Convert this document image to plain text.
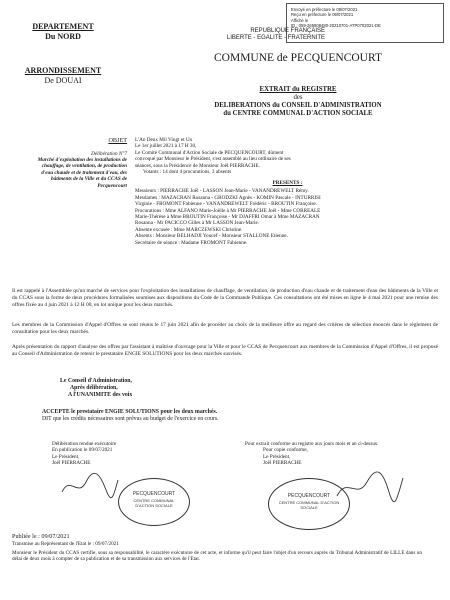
Envoyé en préfecture le 09/07/2021
Reçu en préfecture le 09/07/2021
Affiché le
ID : 059-265908480-20210701-ATP0702021-DE
DEPARTEMENT
Du NORD
ARRONDISSEMENT
De DOUAI
REPUBLIQUE FRANÇAISE
LIBERTE - EGALITE - FRATERNITE
COMMUNE de PECQUENCOURT
EXTRAIT du REGISTRE
des
DELIBERATIONS du CONSEIL D'ADMINISTRATION
du CENTRE COMMUNAL D'ACTION SOCIALE
OBJET
Délibération N°7
Marché d'exploitation des installations de chauffage, de ventilation, de production d'eau chaude et de traitement d'eau, des bâtiments de la Ville et du CCAS de Pecquencourt
L'An Deux Mil Vingt et Un
Le 1er juillet 2021 à 17 H 30,
Le Comité Communal d'Action Sociale de PECQUENCOURT, dûment
convoqué par Monsieur le Président, s'est assemblé au lieu ordinaire de ses
séances, sous la Présidence de Monsieur Joël PIERRACHE.
Votants : 14 dont 4 procurations, 3 absents
PRESENTS :
Messieurs : PIERRACHE Joël - LASSON Jean-Marie - VANANDREWELT Rémy.
Mesdames : MAZACRAN Rosanna - GRODZKI Agnès - KOMIN Pascale - INTURRISI
Virginie - FROMONT Fabienne - VANANDREWELT Frédéric - BROUTIN Françoise.
Procurations : Mme ALFANO Marie-Joëlle à Mr PIERRACHE Joël - Mme CORREALE
Marie-Thérèse à Mme BROUTIN Françoise - Mr DJAFFRI Omar à Mme MAZACRAN
Rosanna - Mr PACICCO Gilles à Mr LASSON Jean-Marie.
Absente excusée : Mme MARCZEWSKI Christine.
Absents : Monsieur BELHADJI Youcef - Monsieur STALLONE Etienne.
Secrétaire de séance : Madame FROMONT Fabienne.
Il est rappelé à l'Assemblée qu'un marché de services pour l'exploitation des installations de chauffage, de ventilation, de production d'eau chaude et de traitement d'eau des bâtiments de la Ville et du CCAS sous la forme de deux procédures formalisées soumises aux dispositions du Code de la Commande Publique. Ces consultations ont été mises en ligne le 4 mai 2021 pour une remise des offres fixée au 4 juin 2021 à 12 H 00, en lot unique pour les deux marchés.
Les membres de la Commission d'Appel d'Offres se sont réunis le 17 juin 2021 afin de procéder au choix de la meilleure offre au regard des critères de sélection énoncés dans le règlement de consultation pour les deux marchés.
Après présentation du rapport d'analyse des offres par l'assistant à maîtrise d'ouvrage pour la Ville et pour le CCAS de Pecquencourt aux membres de la Commission d'Appel d'Offres, il est proposé au Conseil d'Administration de retenir le prestataire ENGIE SOLUTIONS pour les deux marchés susvisés.
Le Conseil d'Administration,
Après délibération,
A l'UNANIMITE des voix
ACCEPTE le prestataire ENGIE SOLUTIONS pour les deux marchés.
DIT que les crédits nécessaires sont prévus au budget de l'exercice en cours.
Délibération rendue exécutoire
En publication le 09/07/2021
Le Président,
Joël PIERRACHE
PECQUENCOURT
CENTRE COMMUNAL D'ACTION SOCIALE
Pour extrait conforme au registre aux jours mois et an ci-dessus.
Pour copie conforme,
Le Président,
Joël PIERRACHE
PECQUENCOURT
CENTRE COMMUNAL D'ACTION SOCIALE
Publiée le : 09/07/2021
Transmise au Représentant de l'Etat le : 09/07/2021
Monsieur le Président du CCAS certifie, sous sa responsabilité, le caractère exécutoire de cet acte, et informe qu'il peut faire l'objet d'un recours auprès du Tribunal Administratif de LILLE dans un délai de deux mois à compter de sa publication et de sa transmission aux services de l'Etat.
